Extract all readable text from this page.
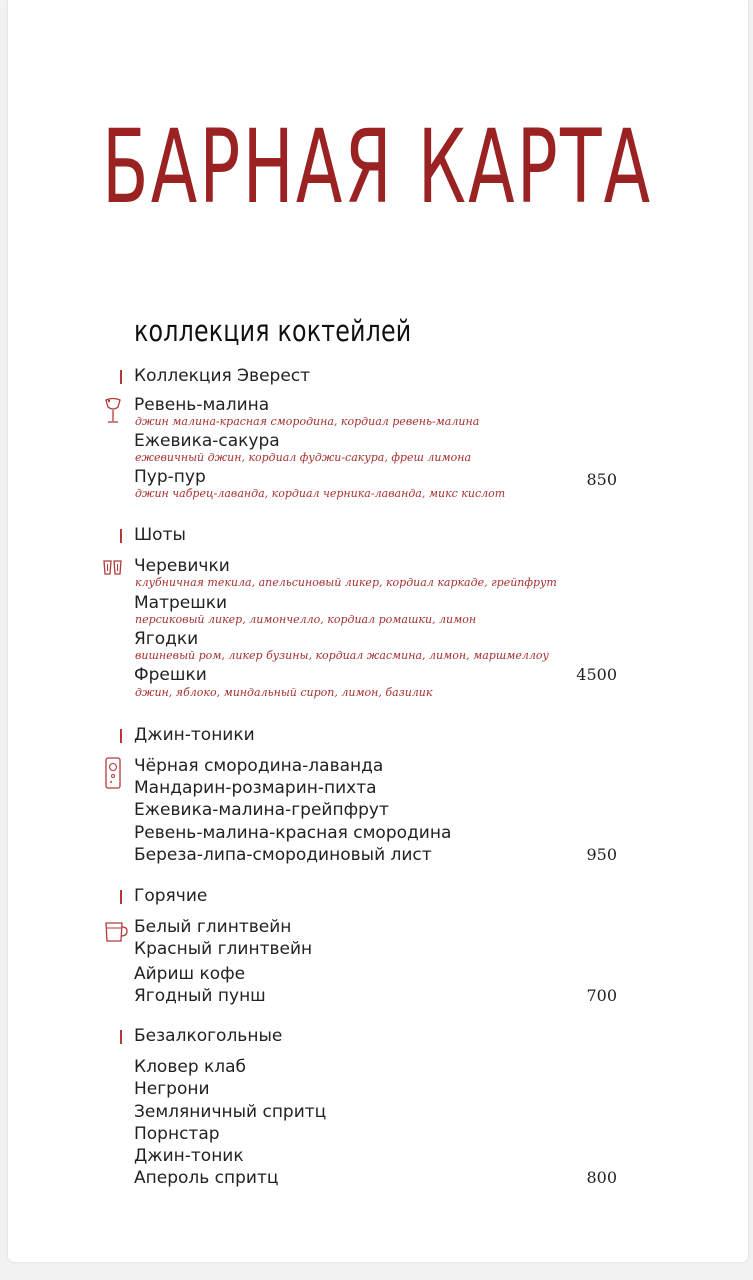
БАРНАЯ КАРТА
коллекция коктейлей
Коллекция Эверест
Ревень-малина
джин малина-красная смородина, кордиал ревень-малина
Ежевика-сакура
ежевичный джин, кордиал фуджи-сакура, фреш лимона
Пур-пур
джин чабрец-лаванда, кордиал черника-лаванда, микс кислот
850
Шоты
Черевички
клубничная текила, апельсиновый ликер, кордиал каркаде, грейпфрут
Матрешки
персиковый ликер, лимончелло, кордиал ромашки, лимон
Ягодки
вишневый ром, ликер бузины, кордиал жасмина, лимон, маршмеллоу
Фрешки
джин, яблоко, миндальный сироп, лимон, базилик
4500
Джин-тоники
Чёрная смородина-лаванда
Мандарин-розмарин-пихта
Ежевика-малина-грейпфрут
Ревень-малина-красная смородина
Береза-липа-смородиновый лист	950
Горячие
Белый глинтвейн
Красный глинтвейн
Айриш кофе
Ягодный пунш	700
Безалкогольные
Кловер клаб
Негрони
Земляничный спритц
Порнстар
Джин-тоник
Апероль спритц	800
